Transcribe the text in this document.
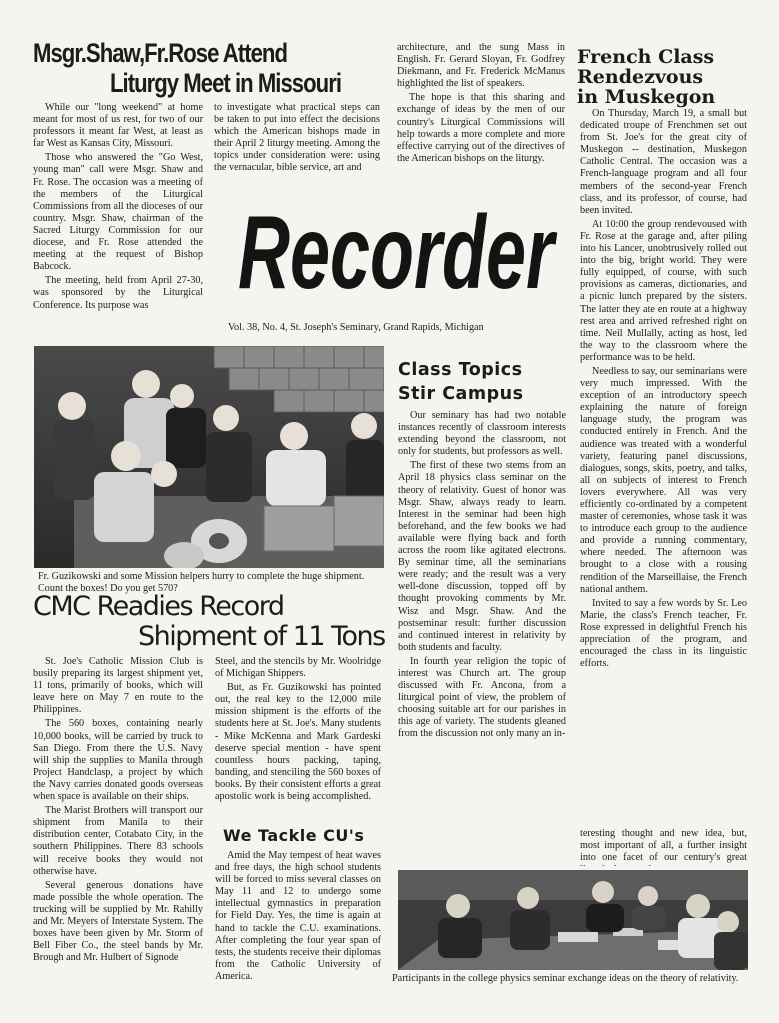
Msgr.Shaw,Fr.Rose Attend
Liturgy Meet in Missouri

While our "long weekend" at home meant for most of us rest, for two of our professors it meant far West, at least as far West as Kansas City, Missouri.

Those who answered the "Go West, young man" call were Msgr. Shaw and Fr. Rose. The occasion was a meeting of the members of the Liturgical Commissions from all the dioceses of our country. Msgr. Shaw, chairman of the Sacred Liturgy Commission for our diocese, and Fr. Rose attended the meeting at the request of Bishop Babcock.

The meeting, held from April 27-30, was sponsored by the Liturgical Conference. Its purpose was

to investigate what practical steps can be taken to put into effect the decisions which the American bishops made in their April 2 liturgy meeting. Among the topics under consideration were: using the vernacular, bible service, art and

architecture, and the sung Mass in English. Fr. Gerard Sloyan, Fr. Godfrey Diekmann, and Fr. Frederick McManus highlighted the list of speakers.

The hope is that this sharing and exchange of ideas by the men of our country's Liturgical Commissions will help towards a more complete and more effective carrying out of the directives of the American bishops on the liturgy.

Recorder
Vol. 38, No. 4, St. Joseph's Seminary, Grand Rapids, Michigan
French Class
Rendezvous
in Muskegon

On Thursday, March 19, a small but dedicated troupe of Frenchmen set out from St. Joe's for the great city of Muskegon -- destination, Muskegon Catholic Central. The occasion was a French-language program and all four members of the second-year French class, and its professor, of course, had been invited.

At 10:00 the group rendevoused with Fr. Rose at the garage and, after piling into his Lancer, unobtrusively rolled out into the big, bright world. They were fully equipped, of course, with such provisions as cameras, dictionaries, and a picnic lunch prepared by the sisters. The latter they ate en route at a highway rest area and arrived refreshed right on time. Neil Mullally, acting as host, led the way to the classroom where the performance was to be held.

Needless to say, our seminarians were very much impressed. With the exception of an introductory speech explaining the nature of foreign language study, the program was conducted entirely in French. And the audience was treated with a wonderful variety, featuring panel discussions, dialogues, songs, skits, poetry, and talks, all on subjects of interest to French lovers everywhere. All was very efficiently co-ordinated by a competent master of ceremonies, whose task it was to introduce each group to the audience and provide a running commentary, where needed. The afternoon was brought to a close with a rousing rendition of the Marseillaise, the French national anthem.

Invited to say a few words by Sr. Leo Marie, the class's French teacher, Fr. Rose expressed in delightful French his appreciation of the program, and encouraged the class in its linguistic efforts.

Fr. Guzikowski and some Mission helpers hurry to complete the huge shipment. Count the boxes! Do you get 570?
Class Topics
Stir Campus

Our seminary has had two notable instances recently of classroom interests extending beyond the classroom, not only for students, but professors as well.

The first of these two stems from an April 18 physics class seminar on the theory of relativity. Guest of honor was Msgr. Shaw, always ready to learn. Interest in the seminar had been high beforehand, and the few books we had available were flying back and forth across the room like agitated electrons. By seminar time, all the seminarians were ready; and the result was a very well-done discussion, topped off by thought provoking comments by Mr. Wisz and Msgr. Shaw. And the postseminar result: further discussion and continued interest in relativity by both students and faculty.

In fourth year religion the topic of interest was Church art. The group discussed with Fr. Ancona, from a liturgical point of view, the problem of choosing suitable art for our parishes in this age of variety. The students gleaned from the discussion not only many an in-

teresting thought and new idea, but, most important of all, a further insight into one facet of our century's great

CMC Readies Record
Shipment of 11 Tons

St. Joe's Catholic Mission Club is busily preparing its largest shipment yet, 11 tons, primarily of books, which will leave here on May 7 en route to the Philippines.

The 560 boxes, containing nearly 10,000 books, will be carried by truck to San Diego. From there the U.S. Navy will ship the supplies to Manila through Project Handclasp, a project by which the Navy carries donated goods overseas when space is available on their ships.

The Marist Brothers will transport our shipment from Manila to their distribution center, Cotabato City, in the southern Philippines. There 83 schools will receive books they would not otherwise have.

Several generous donations have made possible the whole operation. The trucking will be supplied by Mr. Rahilly and Mr. Meyers of Interstate System. The boxes have been given by Mr. Storm of Bell Fiber Co., the steel bands by Mr. Brough and Mr. Hulbert of Signode

Steel, and the stencils by Mr. Woolridge of Michigan Shippers.

But, as Fr. Guzikowski has pointed out, the real key to the 12,000 mile mission shipment is the efforts of the students here at St. Joe's. Many students - Mike McKenna and Mark Gardeski deserve special mention - have spent countless hours packing, taping, banding, and stenciling the 560 boxes of books. By their consistent efforts a great apostolic work is being accomplished.

We Tackle CU's

Amid the May tempest of heat waves and free days, the high school students will be forced to miss several classes on May 11 and 12 to undergo some intellectual gymnastics in preparation for Field Day. Yes, the time is again at hand to tackle the C.U. examinations. After completing the four year span of tests, the students receive their diplomas from the Catholic University of America.	Participants in the college physics seminar exchange ideas on the theory of relativity.
